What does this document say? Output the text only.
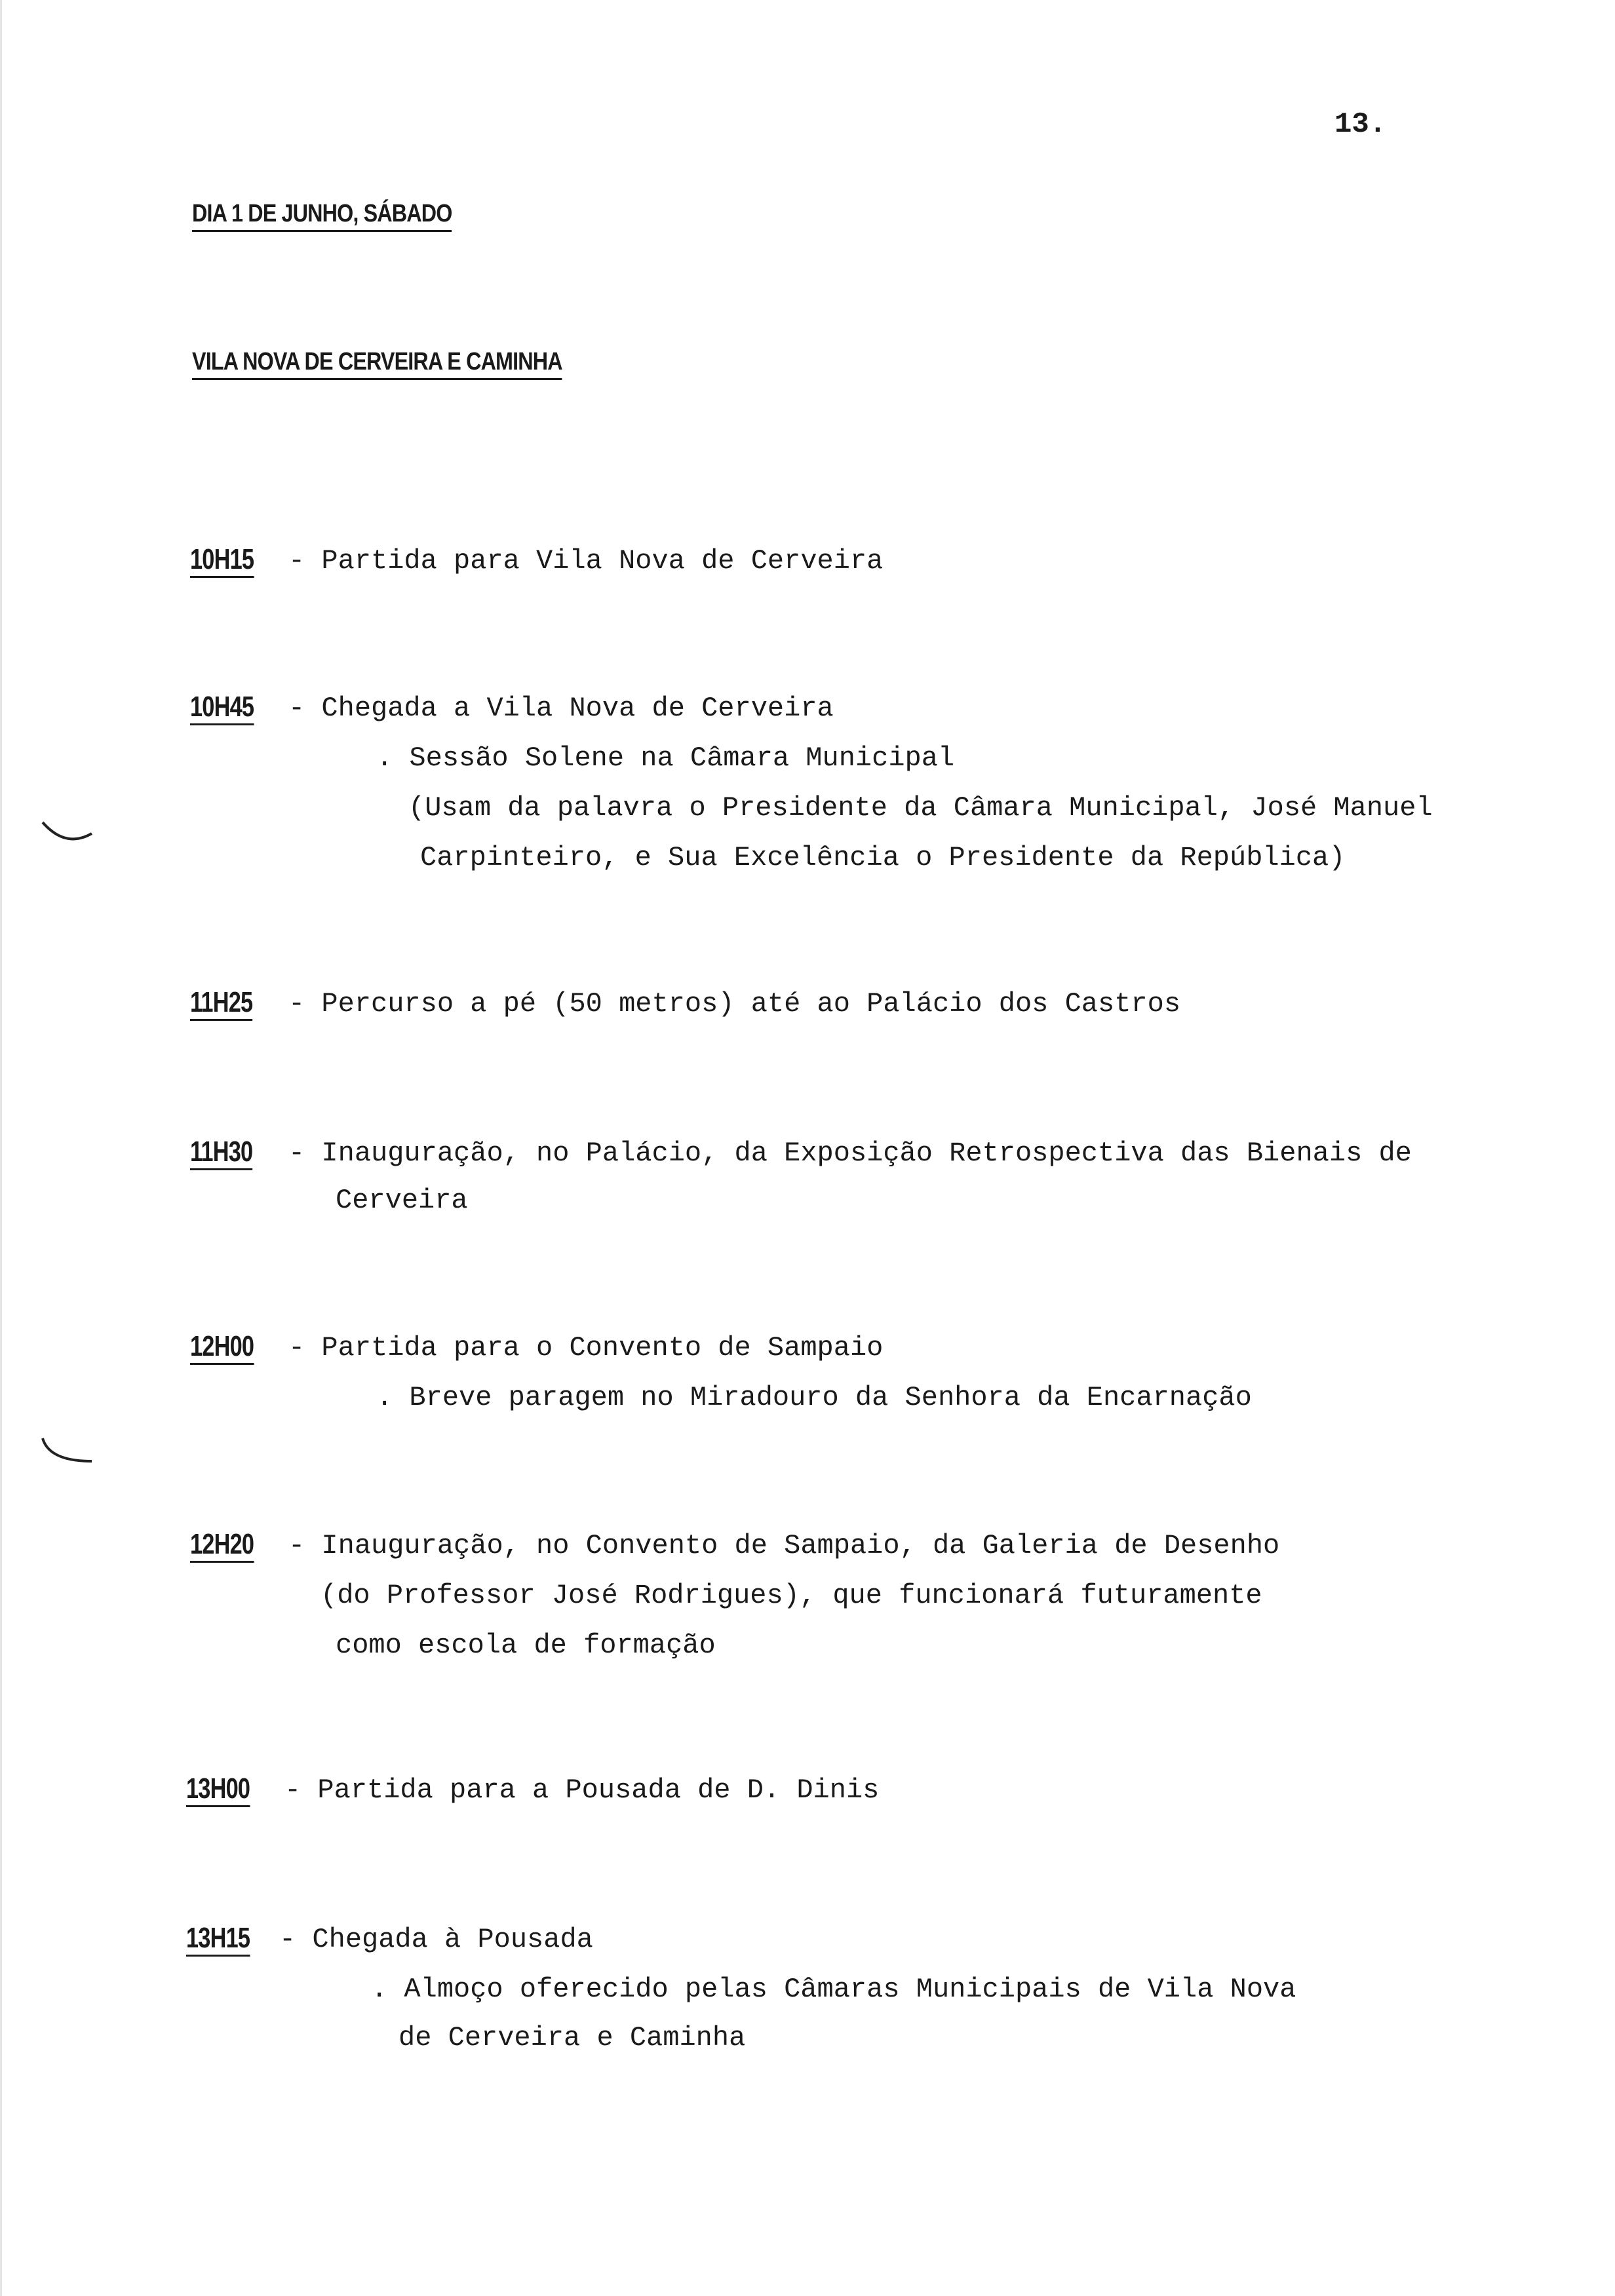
13.
DIA 1 DE JUNHO, SÁBADO
VILA NOVA DE CERVEIRA E CAMINHA
10H15 - Partida para Vila Nova de Cerveira
10H45 - Chegada a Vila Nova de Cerveira
. Sessão Solene na Câmara Municipal
(Usam da palavra o Presidente da Câmara Municipal, José Manuel
Carpinteiro, e Sua Excelência o Presidente da República)
11H25 - Percurso a pé (50 metros) até ao Palácio dos Castros
11H30 - Inauguração, no Palácio, da Exposição Retrospectiva das Bienais de
Cerveira
12H00 - Partida para o Convento de Sampaio
. Breve paragem no Miradouro da Senhora da Encarnação
12H20 - Inauguração, no Convento de Sampaio, da Galeria de Desenho
(do Professor José Rodrigues), que funcionará futuramente
como escola de formação
13H00 - Partida para a Pousada de D. Dinis
13H15 - Chegada à Pousada
. Almoço oferecido pelas Câmaras Municipais de Vila Nova
de Cerveira e Caminha
